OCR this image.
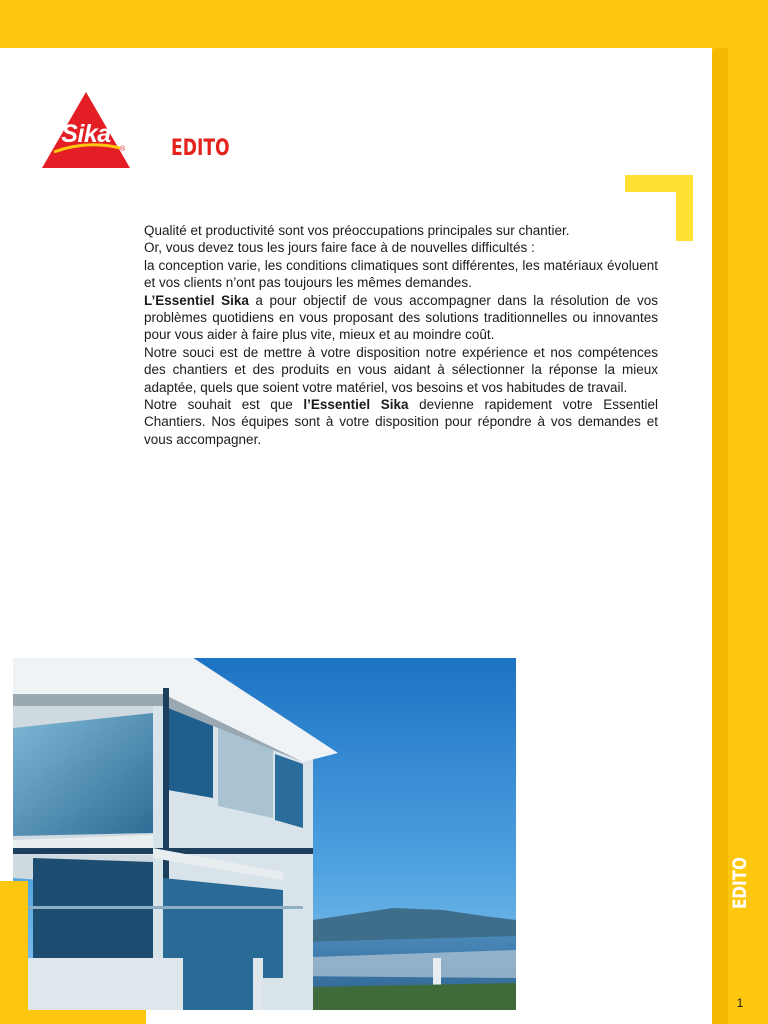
Sika
® EDITO

Qualité et productivité sont vos préoccupations principales sur chantier.

Or, vous devez tous les jours faire face à de nouvelles difficultés :

la conception varie, les conditions climatiques sont différentes, les matériaux évoluent et vos clients n’ont pas toujours les mêmes demandes.

L’Essentiel Sika a pour objectif de vous accompagner dans la résolution de vos problèmes quotidiens en vous proposant des solutions traditionnelles ou innovantes pour vous aider à faire plus vite, mieux et au moindre coût.

Notre souci est de mettre à votre disposition notre expérience et nos compétences des chantiers et des produits en vous aidant à sélectionner la réponse la mieux adaptée, quels que soient votre matériel, vos besoins et vos habitudes de travail.

Notre souhait est que l’Essentiel Sika devienne rapidement votre Essentiel Chantiers. Nos équipes sont à votre disposition pour répondre à vos demandes et vous accompagner.

EDITO
1
